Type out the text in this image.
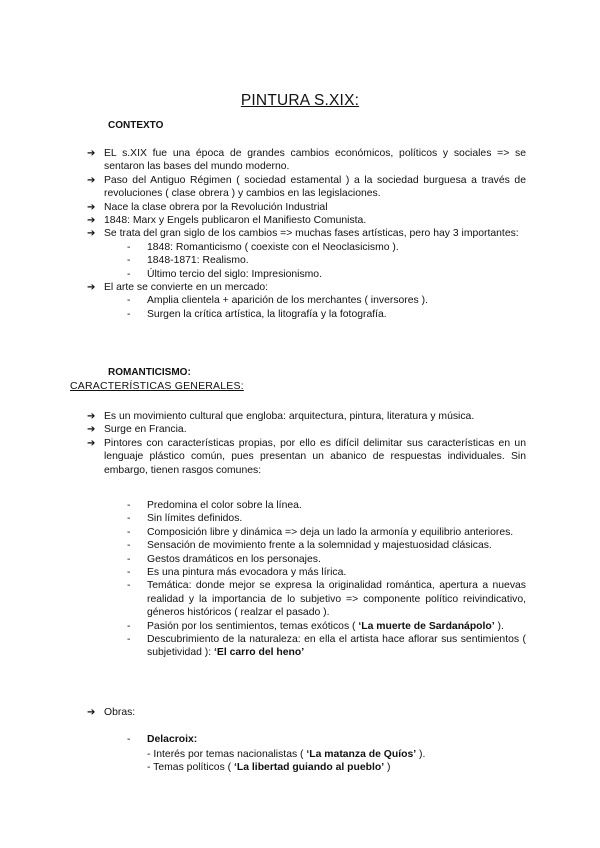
PINTURA S.XIX:
CONTEXTO
➔ EL s.XIX fue una época de grandes cambios económicos, políticos y sociales => se sentaron las bases del mundo moderno.
➔ Paso del Antiguo Régimen ( sociedad estamental ) a la sociedad burguesa a través de revoluciones ( clase obrera ) y cambios en las legislaciones.
➔ Nace la clase obrera por la Revolución Industrial
➔ 1848: Marx y Engels publicaron el Manifiesto Comunista.
➔ Se trata del gran siglo de los cambios => muchas fases artísticas, pero hay 3 importantes:
- 1848: Romanticismo ( coexiste con el Neoclasicismo ).
- 1848-1871: Realismo.
- Último tercio del siglo: Impresionismo.
➔ El arte se convierte en un mercado:
- Amplia clientela + aparición de los merchantes ( inversores ).
- Surgen la crítica artística, la litografía y la fotografía.
ROMANTICISMO:
CARACTERÍSTICAS GENERALES:
➔ Es un movimiento cultural que engloba: arquitectura, pintura, literatura y música.
➔ Surge en Francia.
➔ Pintores con características propias, por ello es difícil delimitar sus características en un lenguaje plástico común, pues presentan un abanico de respuestas individuales. Sin embargo, tienen rasgos comunes:
- Predomina el color sobre la línea.
- Sin límites definidos.
- Composición libre y dinámica => deja un lado la armonía y equilibrio anteriores.
- Sensación de movimiento frente a la solemnidad y majestuosidad clásicas.
- Gestos dramáticos en los personajes.
- Es una pintura más evocadora y más lírica.
- Temática: donde mejor se expresa la originalidad romántica, apertura a nuevas realidad y la importancia de lo subjetivo => componente político reivindicativo, géneros históricos ( realzar el pasado ).
- Pasión por los sentimientos, temas exóticos ( ‘La muerte de Sardanápolo’ ).
- Descubrimiento de la naturaleza: en ella el artista hace aflorar sus sentimientos ( subjetividad ): ‘El carro del heno’
➔ Obras:
- Delacroix:
- Interés por temas nacionalistas ( ‘La matanza de Quíos’ ).
- Temas políticos ( ‘La libertad guiando al pueblo’ )
